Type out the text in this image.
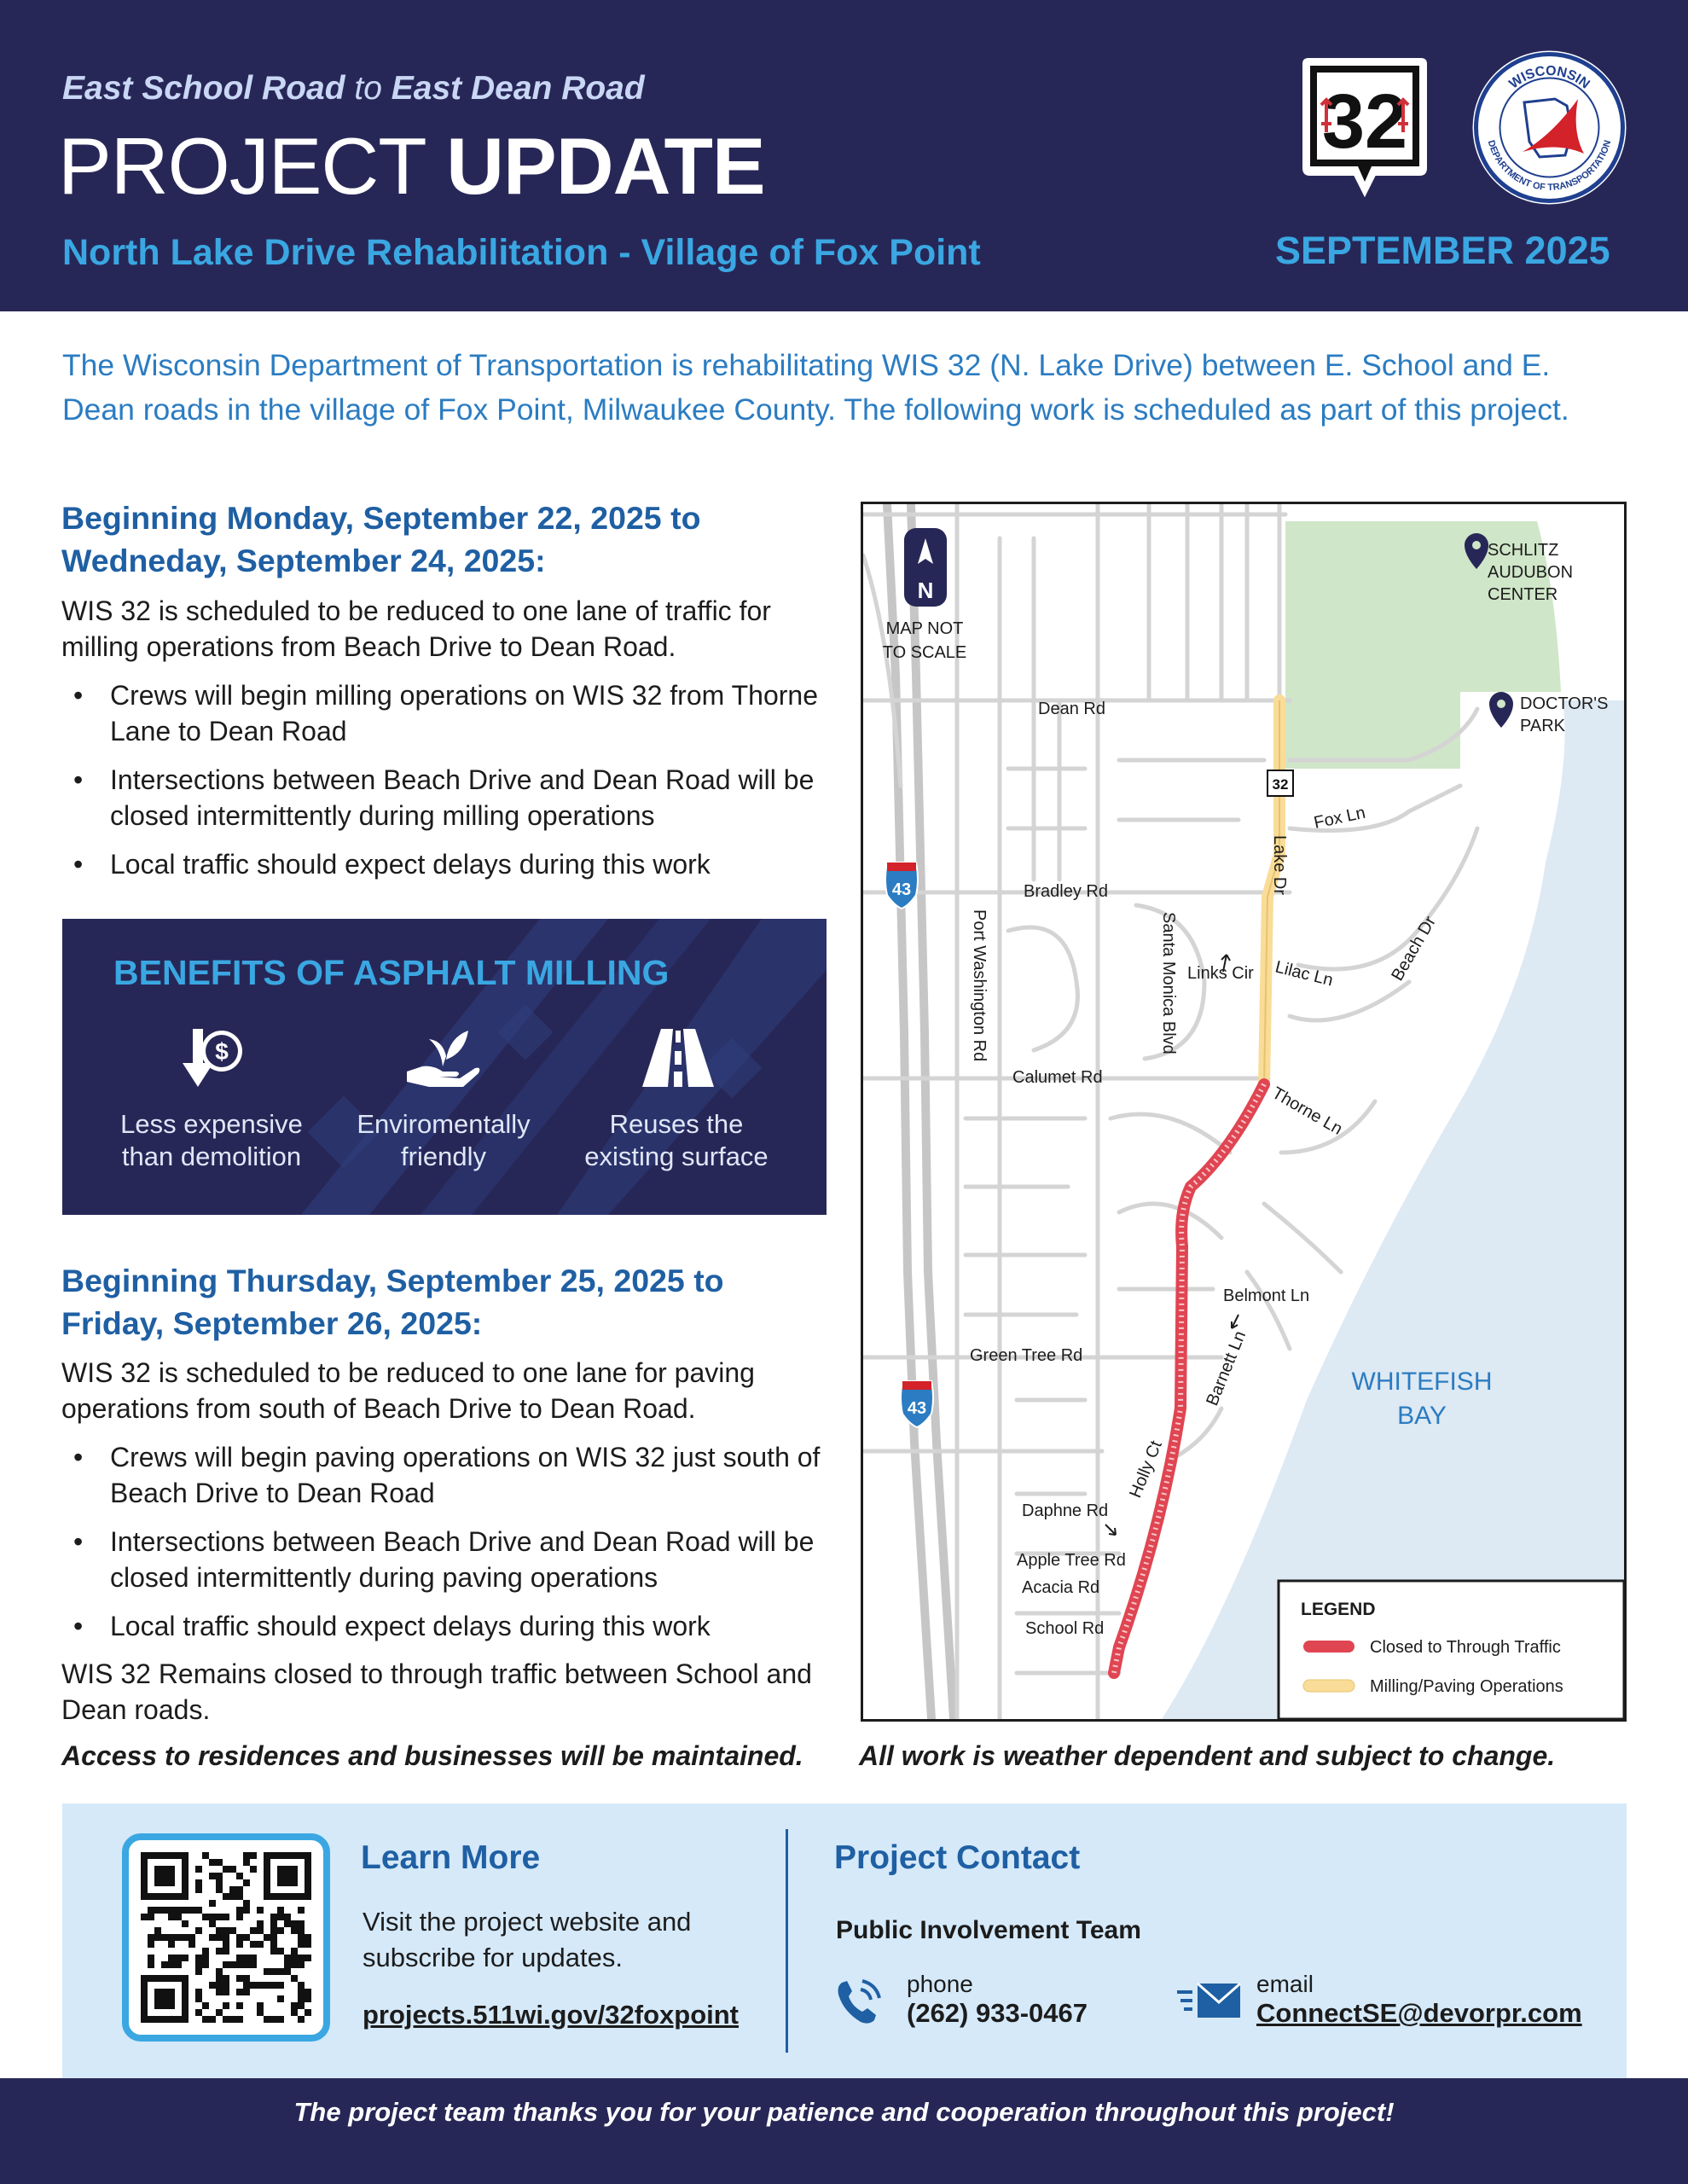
East School Road to East Dean Road
PROJECT UPDATE
North Lake Drive Rehabilitation - Village of Fox Point	SEPTEMBER 2025
32	WISCONSIN
DEPARTMENT OF TRANSPORTATION
The Wisconsin Department of Transportation is rehabilitating WIS 32 (N. Lake Drive) between E. School and E. Dean roads in the village of Fox Point, Milwaukee County. The following work is scheduled as part of this project.
Beginning Monday, September 22, 2025 to
Wedneday, September 24, 2025:
WIS 32 is scheduled to be reduced to one lane of traffic for milling operations from Beach Drive to Dean Road.
• Crews will begin milling operations on WIS 32 from Thorne Lane to Dean Road
• Intersections between Beach Drive and Dean Road will be closed intermittently during milling operations
• Local traffic should expect delays during this work
BENEFITS OF ASPHALT MILLING
$
Less expensive than demolition
Enviromentally friendly
Reuses the existing surface
Beginning Thursday, September 25, 2025 to
Friday, September 26, 2025:
WIS 32 is scheduled to be reduced to one lane for paving operations from south of Beach Drive to Dean Road.
• Crews will begin paving operations on WIS 32 just south of Beach Drive to Dean Road
• Intersections between Beach Drive and Dean Road will be closed intermittently during paving operations
• Local traffic should expect delays during this work
WIS 32 Remains closed to through traffic between School and Dean roads.
Access to residences and businesses will be maintained. All work is weather dependent and subject to change.
N
MAP NOT
TO SCALE
SCHLITZ
AUDUBON
CENTER
DOCTOR'S
PARK
WHITEFISH
BAY
43
43
32
Dean Rd
Fox Ln
Bradley Rd	Lake Dr
Port Washington Rd	Santa Monica Blvd Links Cir Lilac Ln	Beach Dr
Calumet Rd
Thorne Ln
Belmont Ln
Green Tree Rd	Barnett Ln
Holly Ct
Daphne Rd
Apple Tree Rd
Acacia Rd
School Rd
LEGEND
Closed to Through Traffic
Milling/Paving Operations
Learn More
Visit the project website and subscribe for updates.
projects.511wi.gov/32foxpoint
Project Contact
Public Involvement Team
phone
(262) 933-0467
email
ConnectSE@devorpr.com
The project team thanks you for your patience and cooperation throughout this project!
